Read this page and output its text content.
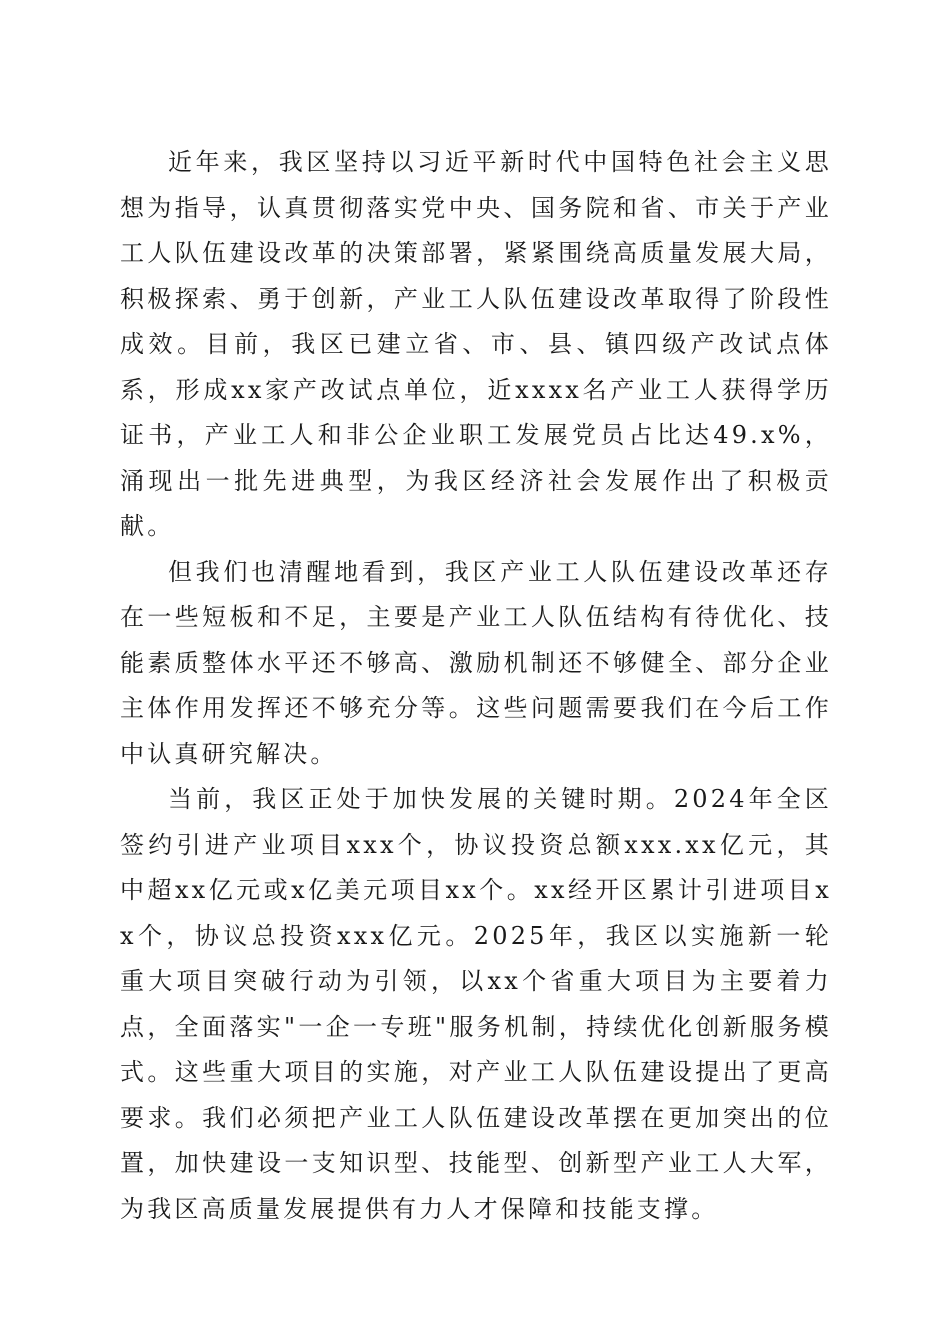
近年来，我区坚持以习近平新时代中国特色社会主义思想为指导，认真贯彻落实党中央、国务院和省、市关于产业工人队伍建设改革的决策部署，紧紧围绕高质量发展大局，积极探索、勇于创新，产业工人队伍建设改革取得了阶段性成效。目前，我区已建立省、市、县、镇四级产改试点体系，形成xx家产改试点单位，近xxxx名产业工人获得学历证书，产业工人和非公企业职工发展党员占比达49.x%，涌现出一批先进典型，为我区经济社会发展作出了积极贡献。

但我们也清醒地看到，我区产业工人队伍建设改革还存在一些短板和不足，主要是产业工人队伍结构有待优化、技能素质整体水平还不够高、激励机制还不够健全、部分企业主体作用发挥还不够充分等。这些问题需要我们在今后工作中认真研究解决。

当前，我区正处于加快发展的关键时期。2024年全区签约引进产业项目xxx个，协议投资总额xxx.xx亿元，其中超xx亿元或x亿美元项目xx个。xx经开区累计引进项目xx个，协议总投资xxx亿元。2025年，我区以实施新一轮重大项目突破行动为引领，以xx个省重大项目为主要着力点，全面落实"一企一专班"服务机制，持续优化创新服务模式。这些重大项目的实施，对产业工人队伍建设提出了更高要求。我们必须把产业工人队伍建设改革摆在更加突出的位置，加快建设一支知识型、技能型、创新型产业工人大军，为我区高质量发展提供有力人才保障和技能支撑。
